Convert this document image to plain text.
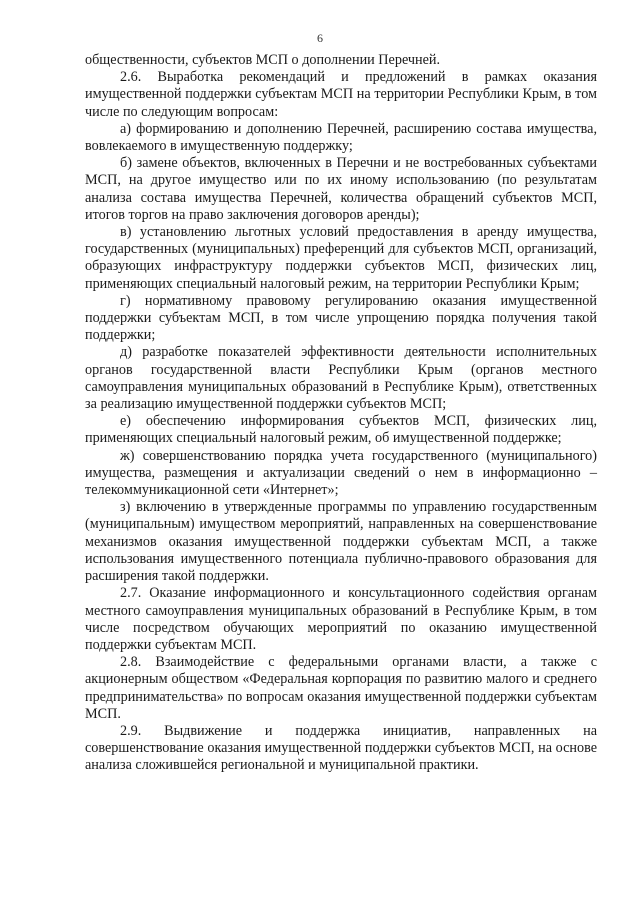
6

общественности, субъектов МСП о дополнении Перечней.

2.6. Выработка рекомендаций и предложений в рамках оказания имущественной поддержки субъектам МСП на территории Республики Крым, в том числе по следующим вопросам:

а) формированию и дополнению Перечней, расширению состава имущества, вовлекаемого в имущественную поддержку;

б) замене объектов, включенных в Перечни и не востребованных субъектами МСП, на другое имущество или по их иному использованию (по результатам анализа состава имущества Перечней, количества обращений субъектов МСП, итогов торгов на право заключения договоров аренды);

в) установлению льготных условий предоставления в аренду имущества, государственных (муниципальных) преференций для субъектов МСП, организаций, образующих инфраструктуру поддержки субъектов МСП, физических лиц, применяющих специальный налоговый режим, на территории Республики Крым;

г) нормативному правовому регулированию оказания имущественной поддержки субъектам МСП, в том числе упрощению порядка получения такой поддержки;

д) разработке показателей эффективности деятельности исполнительных органов государственной власти Республики Крым (органов местного самоуправления муниципальных образований в Республике Крым), ответственных за реализацию имущественной поддержки субъектов МСП;

е) обеспечению информирования субъектов МСП, физических лиц, применяющих специальный налоговый режим, об имущественной поддержке;

ж) совершенствованию порядка учета государственного (муниципального) имущества, размещения и актуализации сведений о нем в информационно – телекоммуникационной сети «Интернет»;

з) включению в утвержденные программы по управлению государственным (муниципальным) имуществом мероприятий, направленных на совершенствование механизмов оказания имущественной поддержки субъектам МСП, а также использования имущественного потенциала публично-правового образования для расширения такой поддержки.

2.7. Оказание информационного и консультационного содействия органам местного самоуправления муниципальных образований в Республике Крым, в том числе посредством обучающих мероприятий по оказанию имущественной поддержки субъектам МСП.

2.8. Взаимодействие с федеральными органами власти, а также с акционерным обществом «Федеральная корпорация по развитию малого и среднего предпринимательства» по вопросам оказания имущественной поддержки субъектам МСП.

2.9. Выдвижение и поддержка инициатив, направленных на совершенствование оказания имущественной поддержки субъектов МСП, на основе анализа сложившейся региональной и муниципальной практики.
